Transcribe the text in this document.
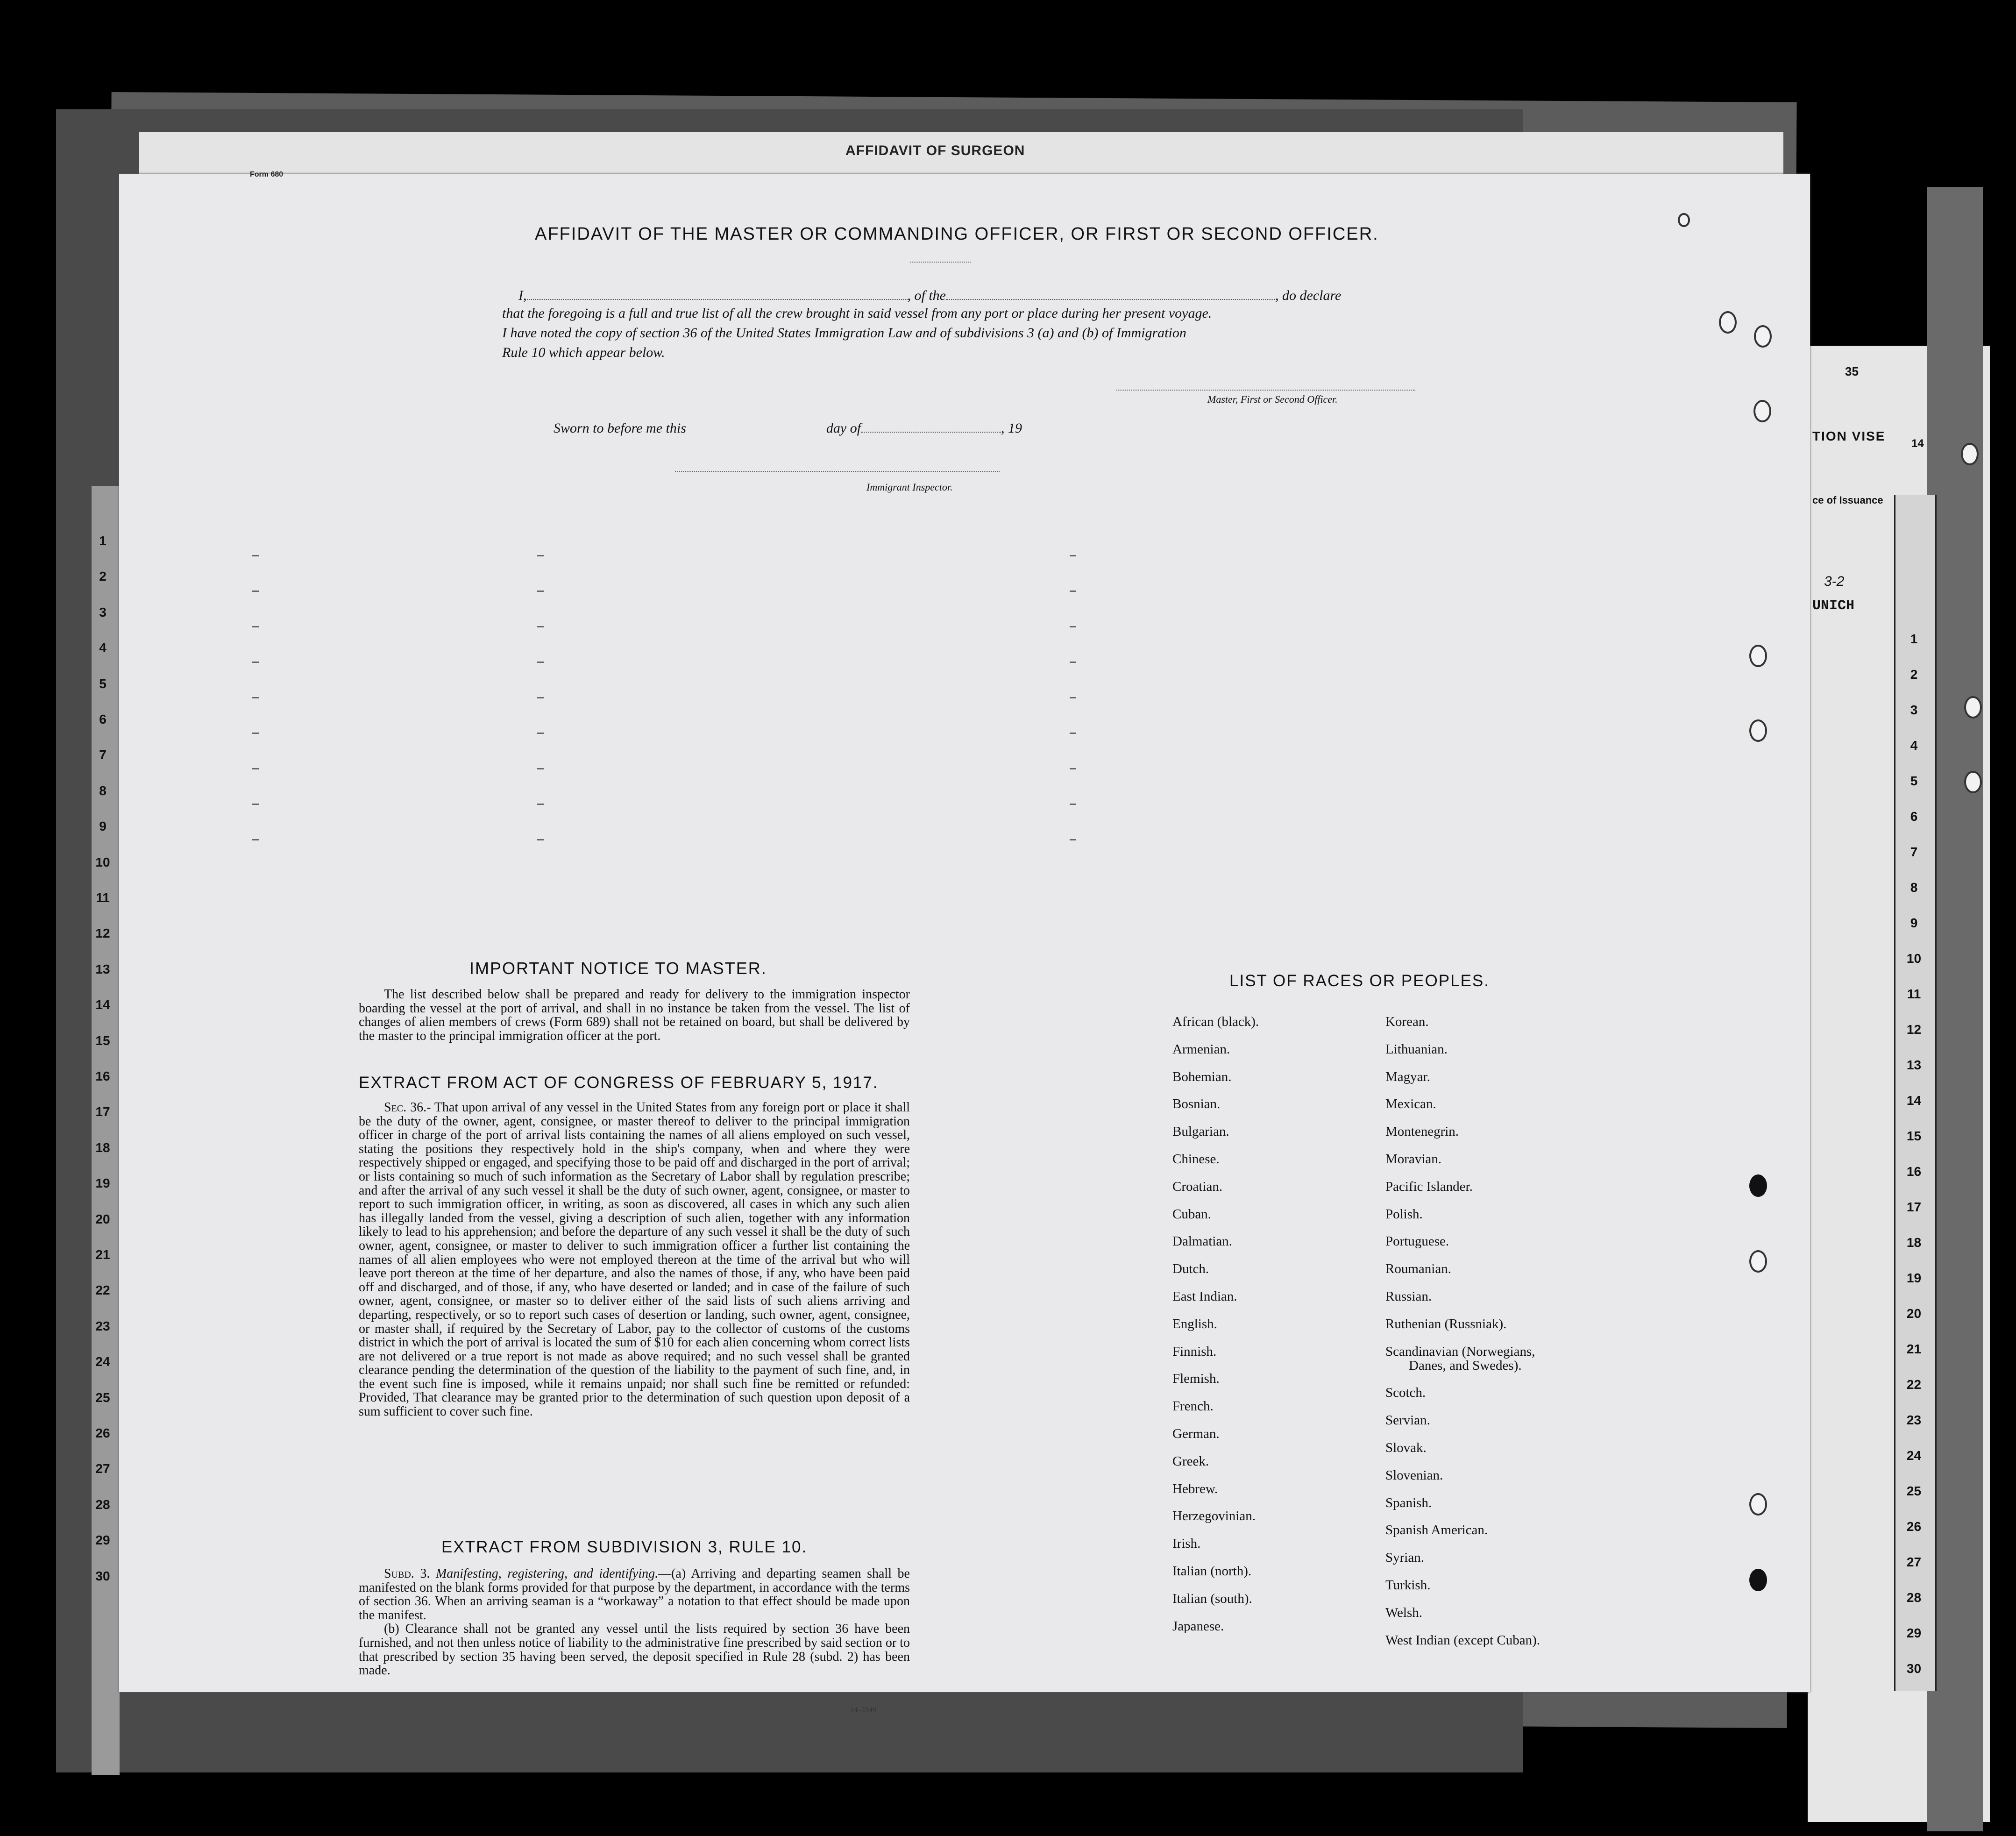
1
2
3
4
5
6
7
8
9
10
11
12
13
14
15
16
17
18
19
20
21
22
23
24
25
26
27
28
29
30
AFFIDAVIT OF SURGEON
1
2
3
4
5
6
7
8
9
10
11
12
13
14
15
16
17
18
19
20
21
22
23
24
25
26
27
28
29
30
35
TION VISE
ce of Issuance
14
UNICH
3-2
Form 680
AFFIDAVIT OF THE MASTER OR COMMANDING OFFICER, OR FIRST OR SECOND OFFICER.
I,	, of the	, do declare
that the foregoing is a full and true list of all the crew brought in said vessel from any port or place during her present voyage.
I have noted the copy of section 36 of the United States Immigration Law and of subdivisions 3 (a) and (b) of Immigration
Rule 10 which appear below.
Master, First or Second Officer.
Sworn to before me this	day of	, 19
Immigrant Inspector.
IMPORTANT NOTICE TO MASTER.

The list described below shall be prepared and ready for delivery to the immigration inspector boarding the vessel at the port of arrival, and shall in no instance be taken from the vessel. The list of changes of alien members of crews (Form 689) shall not be retained on board, but shall be delivered by the master to the principal immigration officer at the port.

EXTRACT FROM ACT OF CONGRESS OF FEBRUARY 5, 1917.

Sec. 36.- That upon arrival of any vessel in the United States from any foreign port or place it shall be the duty of the owner, agent, consignee, or master thereof to deliver to the principal immigration officer in charge of the port of arrival lists containing the names of all aliens employed on such vessel, stating the positions they respectively hold in the ship's company, when and where they were respectively shipped or engaged, and specifying those to be paid off and discharged in the port of arrival; or lists containing so much of such information as the Secretary of Labor shall by regulation prescribe; and after the arrival of any such vessel it shall be the duty of such owner, agent, consignee, or master to report to such immigration officer, in writing, as soon as discovered, all cases in which any such alien has illegally landed from the vessel, giving a description of such alien, together with any information likely to lead to his apprehension; and before the departure of any such vessel it shall be the duty of such owner, agent, consignee, or master to deliver to such immigration officer a further list containing the names of all alien employees who were not employed thereon at the time of the arrival but who will leave port thereon at the time of her departure, and also the names of those, if any, who have been paid off and discharged, and of those, if any, who have deserted or landed; and in case of the failure of such owner, agent, consignee, or master so to deliver either of the said lists of such aliens arriving and departing, respectively, or so to report such cases of desertion or landing, such owner, agent, consignee, or master shall, if required by the Secretary of Labor, pay to the collector of customs of the customs district in which the port of arrival is located the sum of $10 for each alien concerning whom correct lists are not delivered or a true report is not made as above required; and no such vessel shall be granted clearance pending the determination of the question of the liability to the payment of such fine, and, in the event such fine is imposed, while it remains unpaid; nor shall such fine be remitted or refunded: Provided, That clearance may be granted prior to the determination of such question upon deposit of a sum sufficient to cover such fine.

EXTRACT FROM SUBDIVISION 3, RULE 10.

Subd. 3. Manifesting, registering, and identifying.—(a) Arriving and departing seamen shall be manifested on the blank forms provided for that purpose by the department, in accordance with the terms of section 36. When an arriving seaman is a “workaway” a notation to that effect should be made upon the manifest.

(b) Clearance shall not be granted any vessel until the lists required by section 36 have been furnished, and not then unless notice of liability to the administrative fine prescribed by said section or to that prescribed by section 35 having been served, the deposit specified in Rule 28 (subd. 2) has been made.

14–2349
LIST OF RACES OR PEOPLES.
African (black).
Armenian.
Bohemian.
Bosnian.
Bulgarian.
Chinese.
Croatian.
Cuban.
Dalmatian.
Dutch.
East Indian.
English.
Finnish.
Flemish.
French.
German.
Greek.
Hebrew.
Herzegovinian.
Irish.
Italian (north).
Italian (south).
Japanese.
Korean.
Lithuanian.
Magyar.
Mexican.
Montenegrin.
Moravian.
Pacific Islander.
Polish.
Portuguese.
Roumanian.
Russian.
Ruthenian (Russniak).
Scandinavian (Norwegians,
Danes, and Swedes).
Scotch.
Servian.
Slovak.
Slovenian.
Spanish.
Spanish American.
Syrian.
Turkish.
Welsh.
West Indian (except Cuban).
